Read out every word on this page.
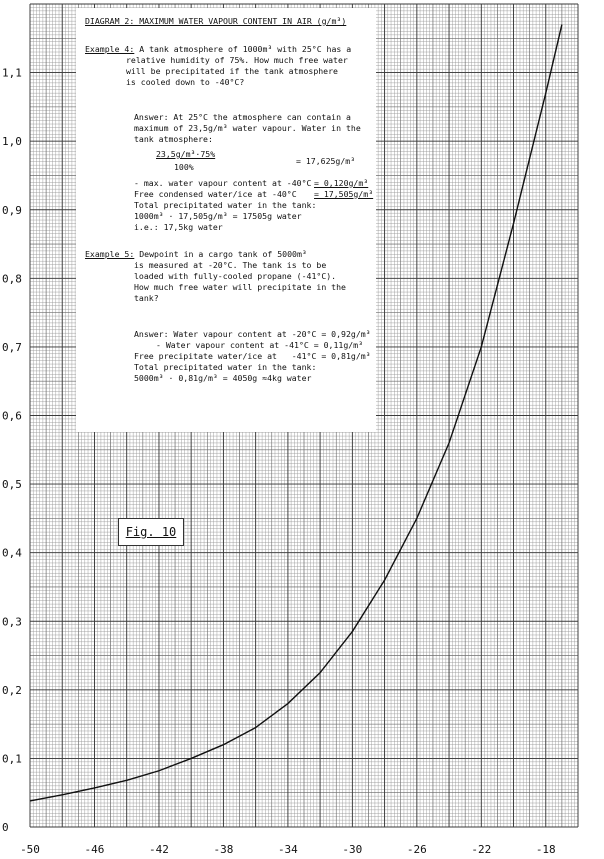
0
0,1
0,2
0,3
0,4
0,5
0,6
0,7
0,8
0,9
1,0
1,1
-50	-46	-42	-38	-34	-30	-26	-22	-18
DIAGRAM 2: MAXIMUM WATER VAPOUR CONTENT IN AIR (g/m³)
Example 4: A tank atmosphere of 1000m³ with 25°C has a
relative humidity of 75%. How much free water
will be precipitated if the tank atmosphere
is cooled down to -40°C?
Answer: At 25°C the atmosphere can contain a
maximum of 23,5g/m³ water vapour. Water in the
tank atmosphere:
23,5g/m³·75%
100%
= 17,625g/m³
- max. water vapour content at -40°C = 0,120g/m³
Free condensed water/ice at -40°C = 17,505g/m³
Total precipitated water in the tank:
1000m³ · 17,505g/m³ = 17505g water
i.e.: 17,5kg water
Example 5: Dewpoint in a cargo tank of 5000m³
is measured at -20°C. The tank is to be
loaded with fully-cooled propane (-41°C).
How much free water will precipitate in the
tank?
Answer: Water vapour content at -20°C = 0,92g/m³
- Water vapour content at -41°C = 0,11g/m³
Free precipitate water/ice at   -41°C = 0,81g/m³
Total precipitated water in the tank:
5000m³ · 0,81g/m³ = 4050g ≈4kg water
Fig. 10
